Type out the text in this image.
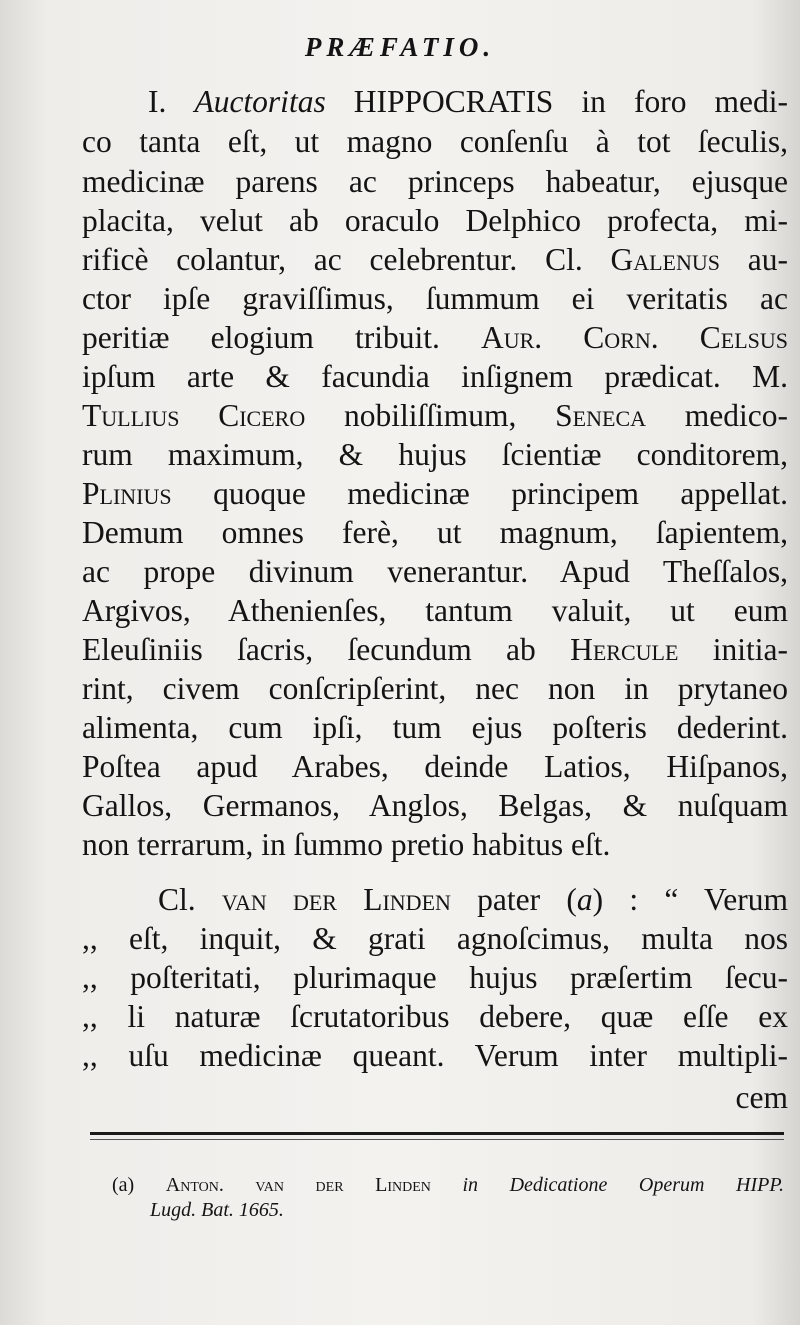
PRÆFATIO.
I. Auctoritas HIPPOCRATIS in foro medi-
co tanta eſt, ut magno conſenſu à tot ſeculis,
medicinæ parens ac princeps habeatur, ejusque
placita, velut ab oraculo Delphico profecta, mi-
rificè colantur, ac celebrentur. Cl. Galenus au-
ctor ipſe graviſſimus, ſummum ei veritatis ac
peritiæ elogium tribuit. Aur. Corn. Celsus
ipſum arte & facundia inſignem prædicat. M.
Tullius Cicero nobiliſſimum, Seneca medico-
rum maximum, & hujus ſcientiæ conditorem,
Plinius quoque medicinæ principem appellat.
Demum omnes ferè, ut magnum, ſapientem,
ac prope divinum venerantur. Apud Theſſalos,
Argivos, Athenienſes, tantum valuit, ut eum
Eleuſiniis ſacris, ſecundum ab Hercule initia-
rint, civem conſcripſerint, nec non in prytaneo
alimenta, cum ipſi, tum ejus poſteris dederint.
Poſtea apud Arabes, deinde Latios, Hiſpanos,
Gallos, Germanos, Anglos, Belgas, & nuſquam
non terrarum, in ſummo pretio habitus eſt.
Cl. van der Linden pater (a) : “ Verum
,, eſt, inquit, & grati agnoſcimus, multa nos
,, poſteritati, plurimaque hujus præſertim ſecu-
,, li naturæ ſcrutatoribus debere, quæ eſſe ex
,, uſu medicinæ queant. Verum inter multipli-
cem
(a) Anton. van der Linden in Dedicatione Operum HIPP.
Lugd. Bat. 1665.
